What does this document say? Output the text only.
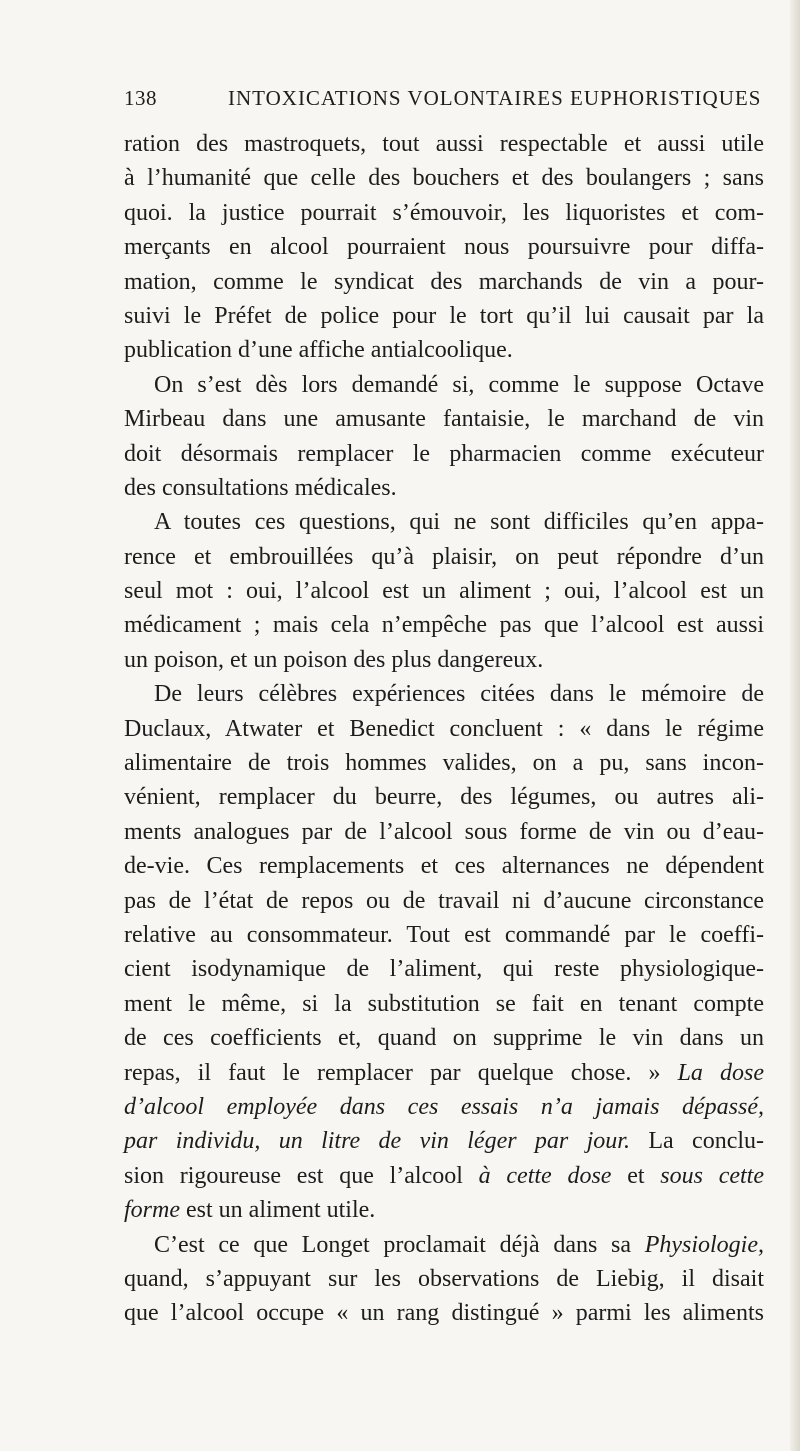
138	INTOXICATIONS VOLONTAIRES EUPHORISTIQUES
ration des mastroquets, tout aussi respectable et aussi utile
à l’humanité que celle des bouchers et des boulangers ; sans
quoi. la justice pourrait s’émouvoir, les liquoristes et com-
merçants en alcool pourraient nous poursuivre pour diffa-
mation, comme le syndicat des marchands de vin a pour-
suivi le Préfet de police pour le tort qu’il lui causait par la
publication d’une affiche antialcoolique.
On s’est dès lors demandé si, comme le suppose Octave
Mirbeau dans une amusante fantaisie, le marchand de vin
doit désormais remplacer le pharmacien comme exécuteur
des consultations médicales.
A toutes ces questions, qui ne sont difficiles qu’en appa-
rence et embrouillées qu’à plaisir, on peut répondre d’un
seul mot : oui, l’alcool est un aliment ; oui, l’alcool est un
médicament ; mais cela n’empêche pas que l’alcool est aussi
un poison, et un poison des plus dangereux.
De leurs célèbres expériences citées dans le mémoire de
Duclaux, Atwater et Benedict concluent : « dans le régime
alimentaire de trois hommes valides, on a pu, sans incon-
vénient, remplacer du beurre, des légumes, ou autres ali-
ments analogues par de l’alcool sous forme de vin ou d’eau-
de-vie. Ces remplacements et ces alternances ne dépendent
pas de l’état de repos ou de travail ni d’aucune circonstance
relative au consommateur. Tout est commandé par le coeffi-
cient isodynamique de l’aliment, qui reste physiologique-
ment le même, si la substitution se fait en tenant compte
de ces coefficients et, quand on supprime le vin dans un
repas, il faut le remplacer par quelque chose. » La dose
d’alcool employée dans ces essais n’a jamais dépassé,
par individu, un litre de vin léger par jour. La conclu-
sion rigoureuse est que l’alcool à cette dose et sous cette
forme est un aliment utile.
C’est ce que Longet proclamait déjà dans sa Physiologie,
quand, s’appuyant sur les observations de Liebig, il disait
que l’alcool occupe « un rang distingué » parmi les aliments
